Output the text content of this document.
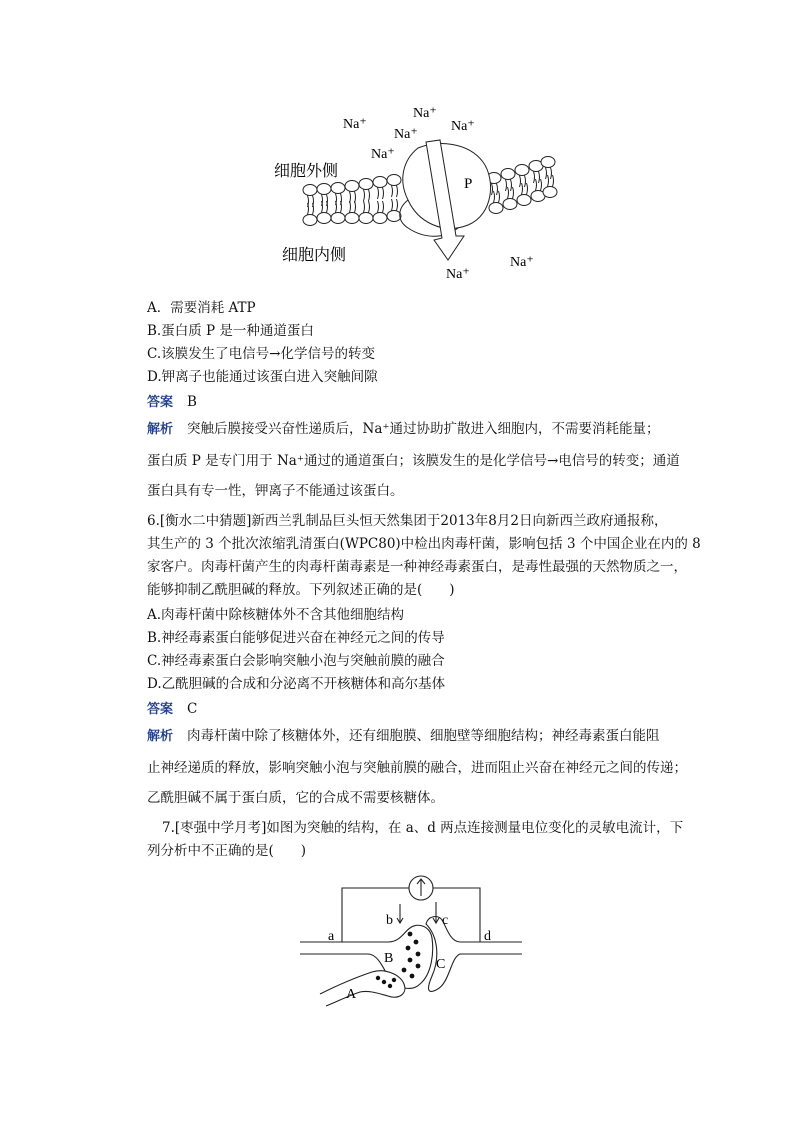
Na⁺
Na⁺
Na⁺
Na⁺
Na⁺
Na⁺
Na⁺
细胞外侧
细胞内侧
P
A．需要消耗 ATP
B.蛋白质 P 是一种通道蛋白
C.该膜发生了电信号→化学信号的转变
D.钾离子也能通过该蛋白进入突触间隙
答案 B
解析 突触后膜接受兴奋性递质后，Na⁺通过协助扩散进入细胞内，不需要消耗能量；
蛋白质 P 是专门用于 Na⁺通过的通道蛋白；该膜发生的是化学信号→电信号的转变；通道
蛋白具有专一性，钾离子不能通过该蛋白。
6.[衡水二中猜题]新西兰乳制品巨头恒天然集团于2013年8月2日向新西兰政府通报称，
其生产的 3 个批次浓缩乳清蛋白(WPC80)中检出肉毒杆菌，影响包括 3 个中国企业在内的 8
家客户。肉毒杆菌产生的肉毒杆菌毒素是一种神经毒素蛋白，是毒性最强的天然物质之一，
能够抑制乙酰胆碱的释放。下列叙述正确的是(　　)
A.肉毒杆菌中除核糖体外不含其他细胞结构
B.神经毒素蛋白能够促进兴奋在神经元之间的传导
C.神经毒素蛋白会影响突触小泡与突触前膜的融合
D.乙酰胆碱的合成和分泌离不开核糖体和高尔基体
答案 C
解析 肉毒杆菌中除了核糖体外，还有细胞膜、细胞壁等细胞结构；神经毒素蛋白能阻
止神经递质的释放，影响突触小泡与突触前膜的融合，进而阻止兴奋在神经元之间的传递；
乙酰胆碱不属于蛋白质，它的合成不需要核糖体。
7.[枣强中学月考]如图为突触的结构，在 a、d 两点连接测量电位变化的灵敏电流计，下
列分析中不正确的是(　　)
a
b	c
d
B	C
A
